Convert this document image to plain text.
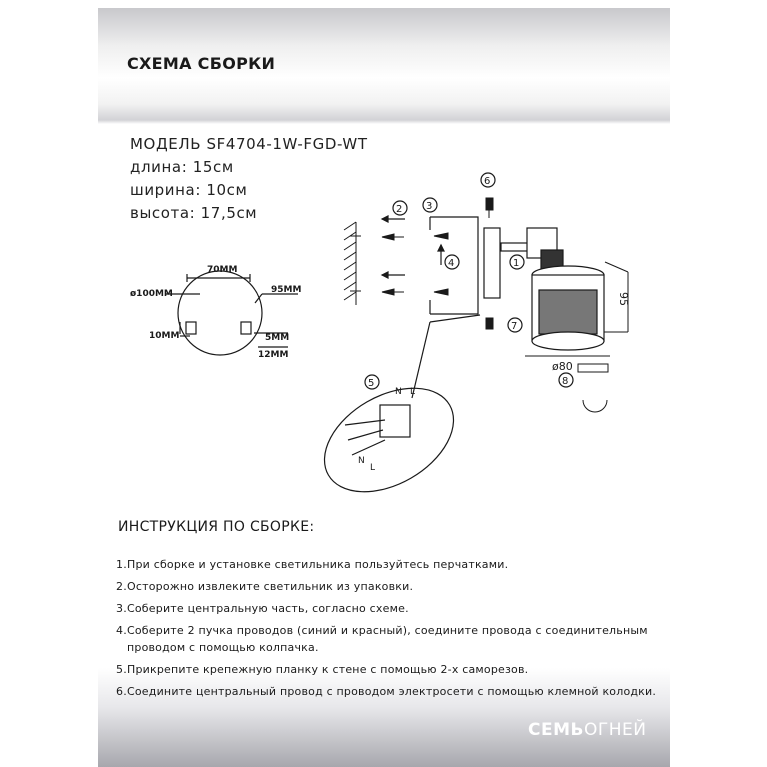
СХЕМА СБОРКИ
МОДЕЛЬ SF4704-1W-FGD-WT
длина: 15см
ширина: 10см
высота: 17,5см
70ММ
ø100ММ	95ММ
10ММ	5ММ
12ММ
95
ø80
N L
N
L
1
2 3
4
5
6
7
8
ИНСТРУКЦИЯ ПО СБОРКЕ:
1.При сборке и установке светильника пользуйтесь перчатками.
2.Осторожно извлеките светильник из упаковки.
3.Соберите центральную часть, согласно схеме.
4.Соберите 2 пучка проводов (синий и красный), соедините провода с соединительным
проводом с помощью колпачка.
5.Прикрепите крепежную планку к стене с помощью 2-х саморезов.
6.Соедините центральный провод с проводом электросети с помощью клемной колодки.
СЕМЬОГНЕЙ
